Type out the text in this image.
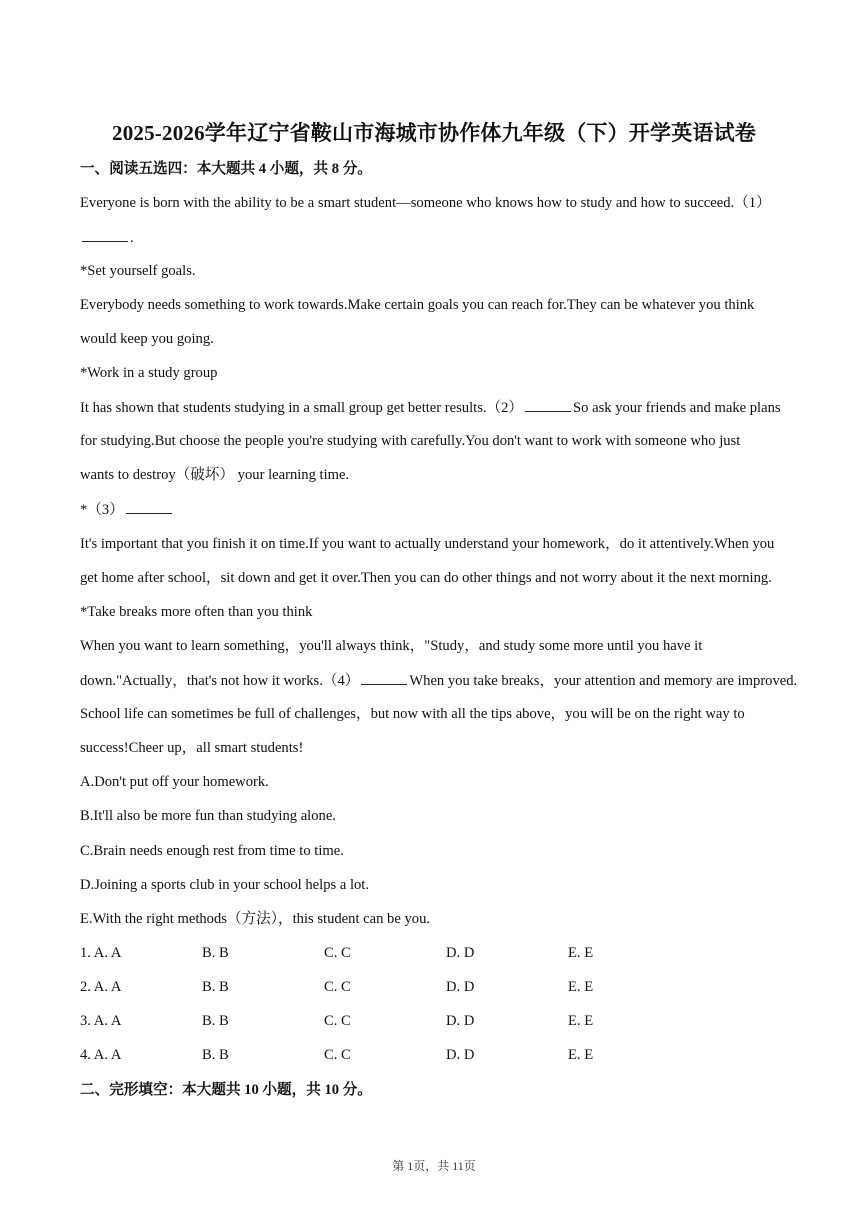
2025-2026学年辽宁省鞍山市海城市协作体九年级（下）开学英语试卷
一、阅读五选四：本大题共 4 小题，共 8 分。
Everyone is born with the ability to be a smart student—someone who knows how to study and how to succeed.（1）
.
*Set yourself goals.
Everybody needs something to work towards.Make certain goals you can reach for.They can be whatever you think
would keep you going.
*Work in a study group
It has shown that students studying in a small group get better results.（2）	So ask your friends and make plans
for studying.But choose the people you're studying with carefully.You don't want to work with someone who just
wants to destroy（破坏） your learning time.
*（3）
It's important that you finish it on time.If you want to actually understand your homework，do it attentively.When you
get home after school，sit down and get it over.Then you can do other things and not worry about it the next morning.
*Take breaks more often than you think
When you want to learn something，you'll always think，"Study，and study some more until you have it
down."Actually，that's not how it works.（4）	When you take breaks，your attention and memory are improved.
School life can sometimes be full of challenges，but now with all the tips above，you will be on the right way to
success!Cheer up，all smart students!
A.Don't put off your homework.
B.It'll also be more fun than studying alone.
C.Brain needs enough rest from time to time.
D.Joining a sports club in your school helps a lot.
E.With the right methods（方法），this student can be you.
1. A. A	B. B	C. C	D. D	E. E
2. A. A	B. B	C. C	D. D	E. E
3. A. A	B. B	C. C	D. D	E. E
4. A. A	B. B	C. C	D. D	E. E
二、完形填空：本大题共 10 小题，共 10 分。
第 1页，共 11页
